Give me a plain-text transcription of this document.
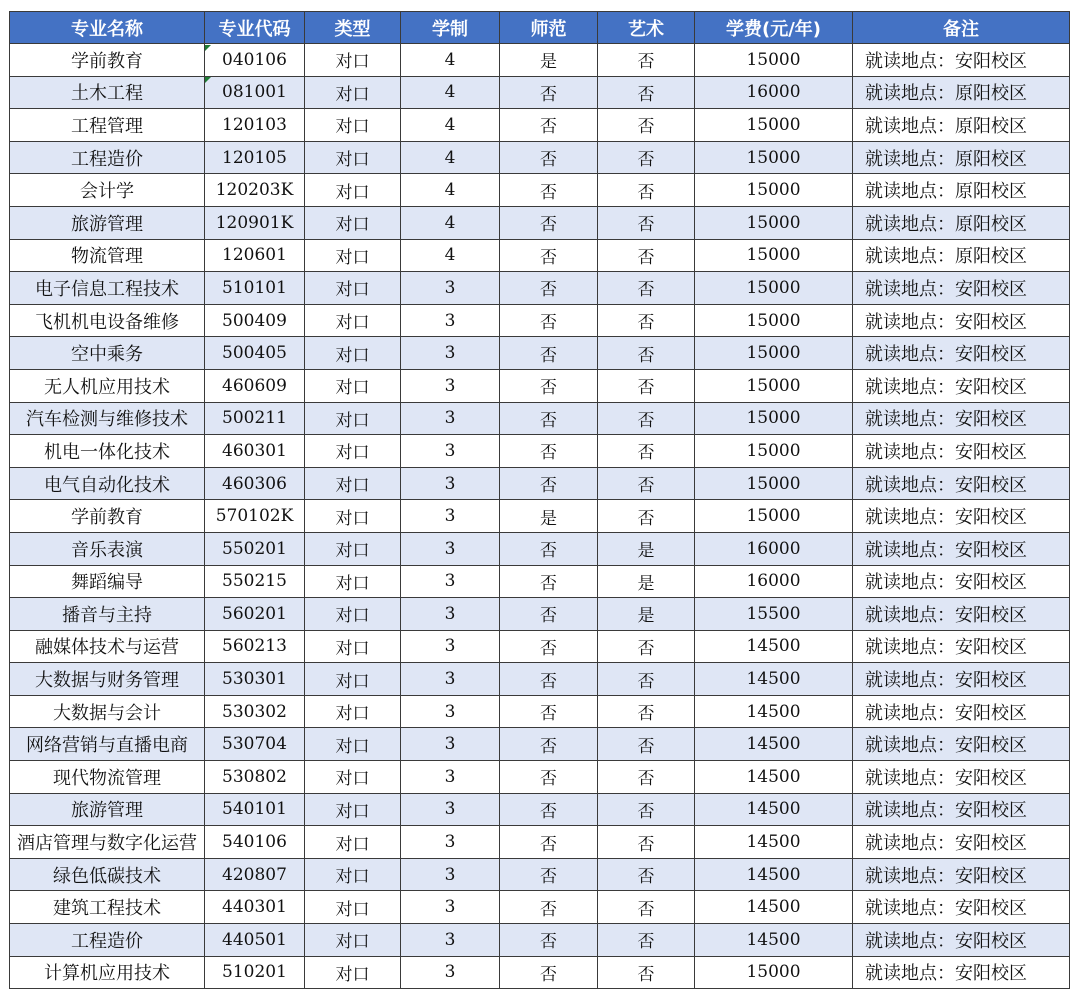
专业名称	专业代码	类型	学制	师范	艺术	学费(元/年)	备注
学前教育	040106	对口	4	是	否	15000	就读地点：安阳校区
土木工程	081001	对口	4	否	否	16000	就读地点：原阳校区
工程管理	120103	对口	4	否	否	15000	就读地点：原阳校区
工程造价	120105	对口	4	否	否	15000	就读地点：原阳校区
会计学	120203K	对口	4	否	否	15000	就读地点：原阳校区
旅游管理	120901K	对口	4	否	否	15000	就读地点：原阳校区
物流管理	120601	对口	4	否	否	15000	就读地点：原阳校区
电子信息工程技术	510101	对口	3	否	否	15000	就读地点：安阳校区
飞机机电设备维修	500409	对口	3	否	否	15000	就读地点：安阳校区
空中乘务	500405	对口	3	否	否	15000	就读地点：安阳校区
无人机应用技术	460609	对口	3	否	否	15000	就读地点：安阳校区
汽车检测与维修技术	500211	对口	3	否	否	15000	就读地点：安阳校区
机电一体化技术	460301	对口	3	否	否	15000	就读地点：安阳校区
电气自动化技术	460306	对口	3	否	否	15000	就读地点：安阳校区
学前教育	570102K	对口	3	是	否	15000	就读地点：安阳校区
音乐表演	550201	对口	3	否	是	16000	就读地点：安阳校区
舞蹈编导	550215	对口	3	否	是	16000	就读地点：安阳校区
播音与主持	560201	对口	3	否	是	15500	就读地点：安阳校区
融媒体技术与运营	560213	对口	3	否	否	14500	就读地点：安阳校区
大数据与财务管理	530301	对口	3	否	否	14500	就读地点：安阳校区
大数据与会计	530302	对口	3	否	否	14500	就读地点：安阳校区
网络营销与直播电商	530704	对口	3	否	否	14500	就读地点：安阳校区
现代物流管理	530802	对口	3	否	否	14500	就读地点：安阳校区
旅游管理	540101	对口	3	否	否	14500	就读地点：安阳校区
酒店管理与数字化运营	540106	对口	3	否	否	14500	就读地点：安阳校区
绿色低碳技术	420807	对口	3	否	否	14500	就读地点：安阳校区
建筑工程技术	440301	对口	3	否	否	14500	就读地点：安阳校区
工程造价	440501	对口	3	否	否	14500	就读地点：安阳校区
计算机应用技术	510201	对口	3	否	否	15000	就读地点：安阳校区
